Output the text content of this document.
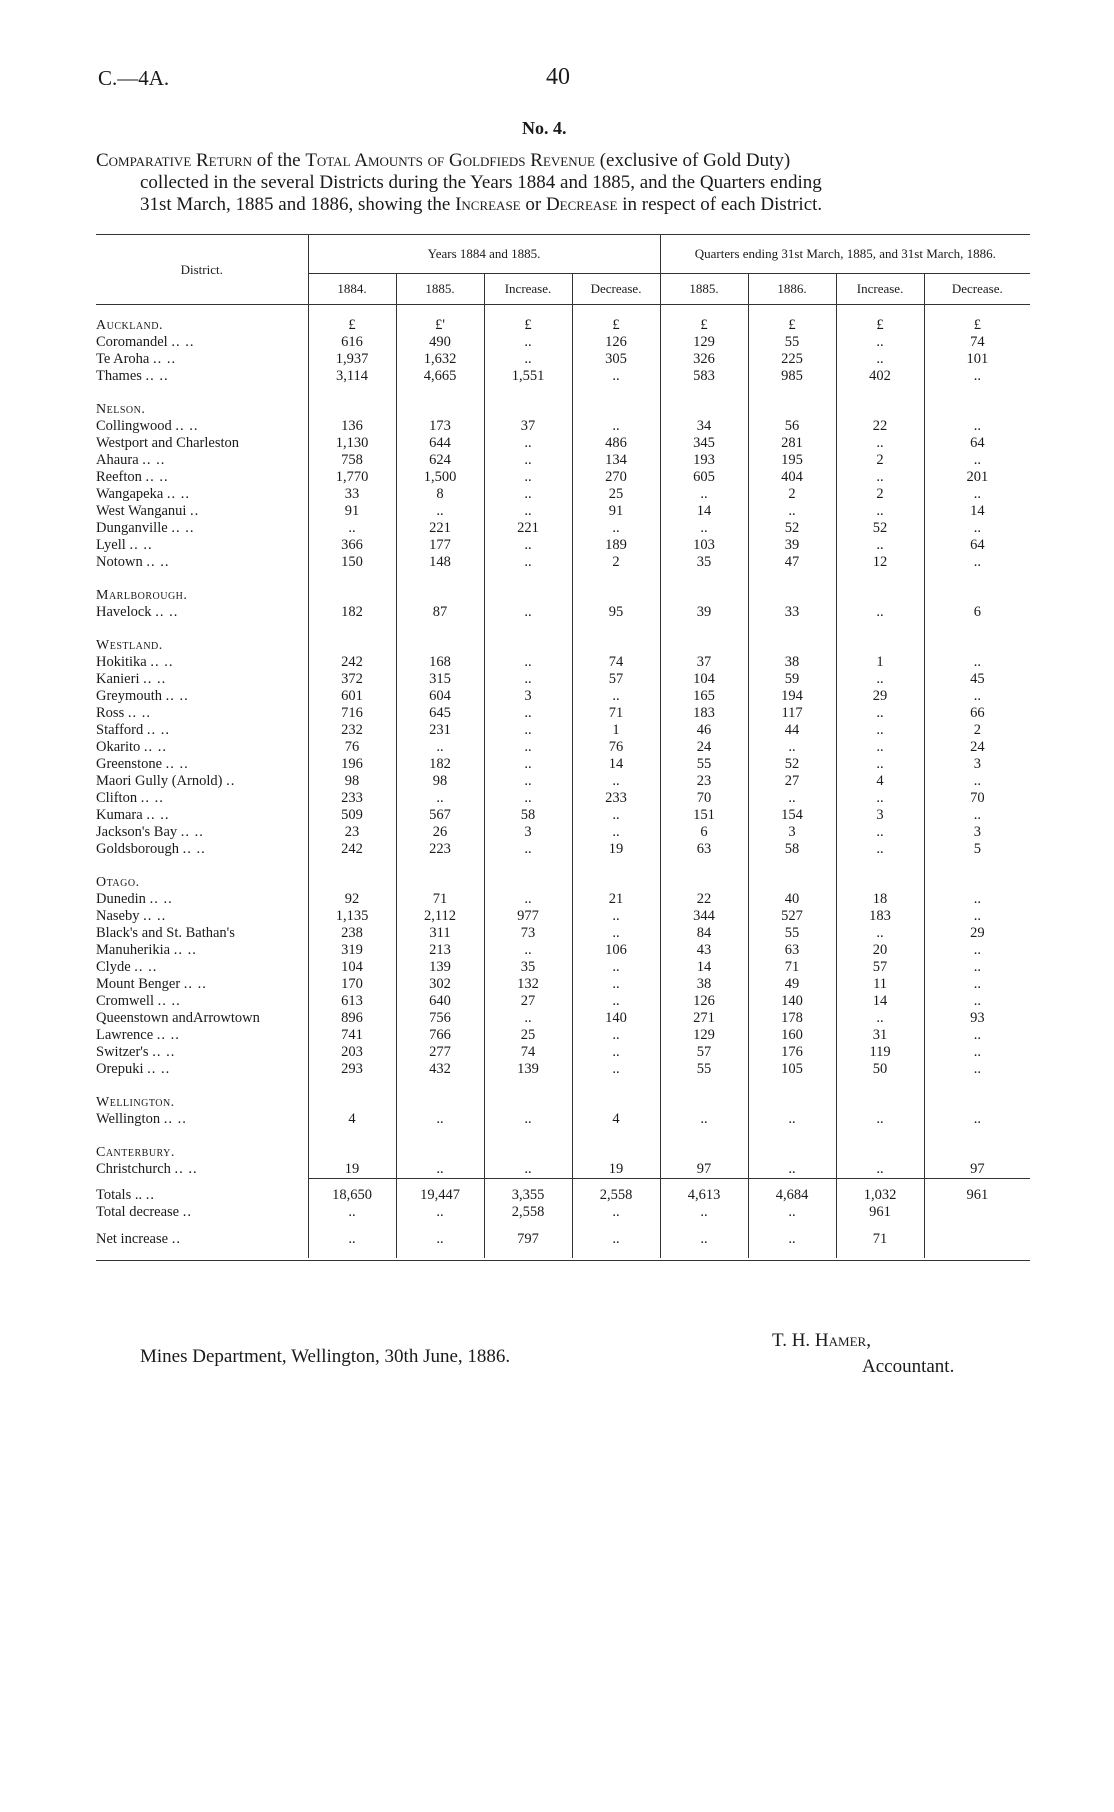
C.—4A.	40
No. 4.
Comparative Return of the Total Amounts of Goldfieds Revenue (exclusive of Gold Duty)
collected in the several Districts during the Years 1884 and 1885, and the Quarters ending
31st March, 1885 and 1886, showing the Increase or Decrease in respect of each District.
District.	Years 1884 and 1885.				Quarters ending 31st March, 1885, and 31st March, 1886.			
	1884.	1885.	Increase.	Decrease.	1885.	1886.	Increase.	Decrease.
Auckland.	£	£'	£	£	£	£	£	£
Coromandel .. ..	616	490	..	126	129	55	..	74
Te Aroha .. ..	1,937	1,632	..	305	326	225	..	101
Thames .. ..	3,114	4,665	1,551	..	583	985	402	..
Nelson.								
Collingwood .. ..	136	173	37	..	34	56	22	..
Westport and Charleston	1,130	644	..	486	345	281	..	64
Ahaura .. ..	758	624	..	134	193	195	2	..
Reefton .. ..	1,770	1,500	..	270	605	404	..	201
Wangapeka .. ..	33	8	..	25	..	2	2	..
West Wanganui ..	91	..	..	91	14	..	..	14
Dunganville .. ..	..	221	221	..	..	52	52	..
Lyell .. ..	366	177	..	189	103	39	..	64
Notown .. ..	150	148	..	2	35	47	12	..
Marlborough.								
Havelock .. ..	182	87	..	95	39	33	..	6
Westland.								
Hokitika .. ..	242	168	..	74	37	38	1	..
Kanieri .. ..	372	315	..	57	104	59	..	45
Greymouth .. ..	601	604	3	..	165	194	29	..
Ross .. ..	716	645	..	71	183	117	..	66
Stafford .. ..	232	231	..	1	46	44	..	2
Okarito .. ..	76	..	..	76	24	..	..	24
Greenstone .. ..	196	182	..	14	55	52	..	3
Maori Gully (Arnold) ..	98	98	..	..	23	27	4	..
Clifton .. ..	233	..	..	233	70	..	..	70
Kumara .. ..	509	567	58	..	151	154	3	..
Jackson's Bay .. ..	23	26	3	..	6	3	..	3
Goldsborough .. ..	242	223	..	19	63	58	..	5
Otago.								
Dunedin .. ..	92	71	..	21	22	40	18	..
Naseby .. ..	1,135	2,112	977	..	344	527	183	..
Black's and St. Bathan's	238	311	73	..	84	55	..	29
Manuherikia .. ..	319	213	..	106	43	63	20	..
Clyde .. ..	104	139	35	..	14	71	57	..
Mount Benger .. ..	170	302	132	..	38	49	11	..
Cromwell .. ..	613	640	27	..	126	140	14	..
Queenstown andArrowtown	896	756	..	140	271	178	..	93
Lawrence .. ..	741	766	25	..	129	160	31	..
Switzer's .. ..	203	277	74	..	57	176	119	..
Orepuki .. ..	293	432	139	..	55	105	50	..
Wellington.								
Wellington .. ..	4	..	..	4	..	..	..	..
Canterbury.								
Christchurch .. ..	19	..	..	19	97	..	..	97
Totals .. ..	18,650	19,447	3,355	2,558	4,613	4,684	1,032	961
Total decrease ..	..	..	2,558	..	..	..	961	
Net increase ..	..	..	797	..	..	..	71	

Mines Department, Wellington, 30th June, 1886.
T. H. Hamer,
Accountant.
